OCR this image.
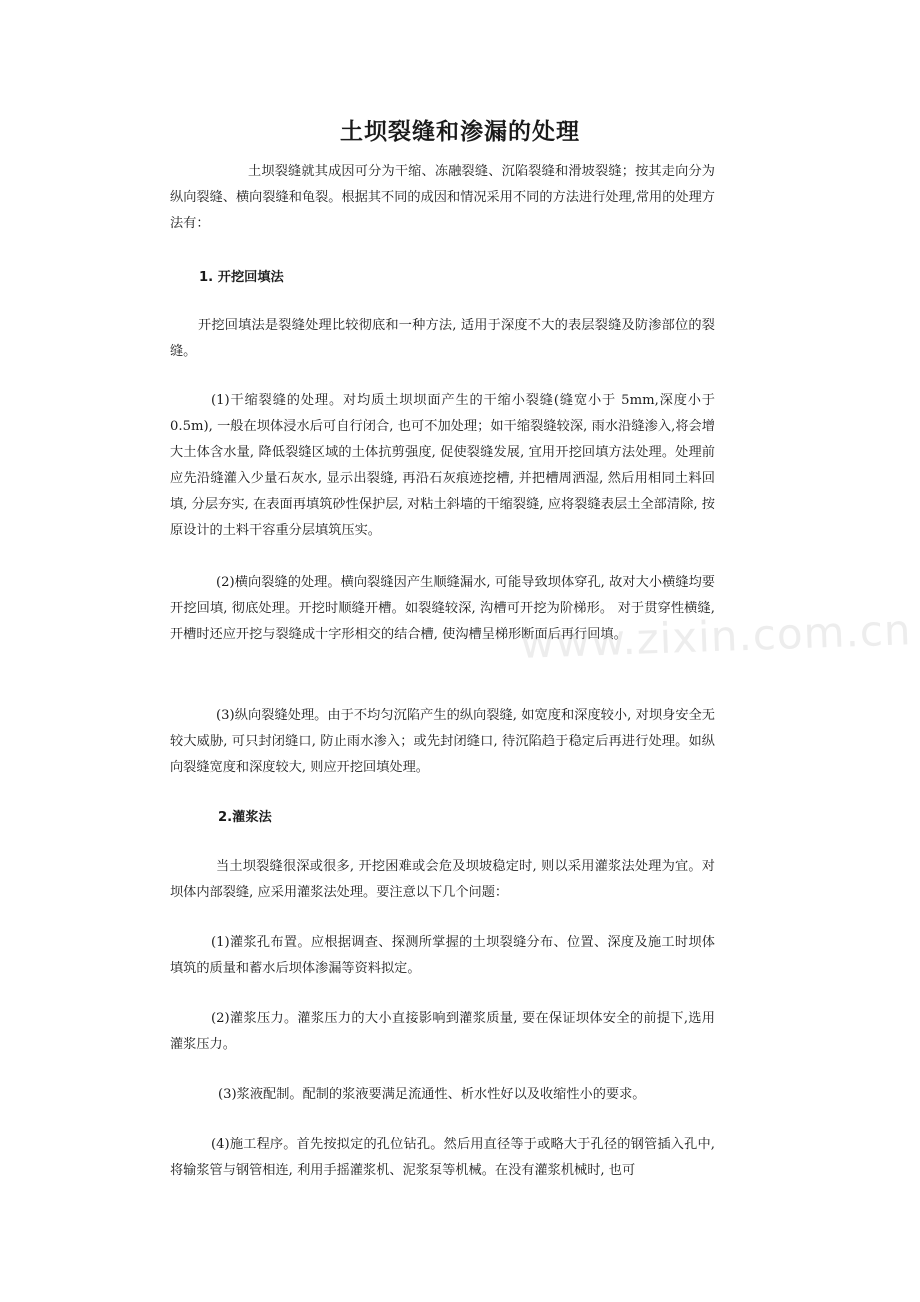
土坝裂缝和渗漏的处理

土坝裂缝就其成因可分为干缩、冻融裂缝、沉陷裂缝和滑坡裂缝；按其走向分为纵向裂缝、横向裂缝和龟裂。根据其不同的成因和情况采用不同的方法进行处理,常用的处理方法有：

1. 开挖回填法

开挖回填法是裂缝处理比较彻底和一种方法, 适用于深度不大的表层裂缝及防渗部位的裂缝。

(1)干缩裂缝的处理。对均质土坝坝面产生的干缩小裂缝(缝宽小于 5mm,深度小于 0.5m), 一般在坝体浸水后可自行闭合, 也可不加处理；如干缩裂缝较深, 雨水沿缝渗入,将会增大土体含水量, 降低裂缝区域的土体抗剪强度, 促使裂缝发展, 宜用开挖回填方法处理。处理前应先沿缝灌入少量石灰水, 显示出裂缝, 再沿石灰痕迹挖槽, 并把槽周洒湿, 然后用相同土料回填, 分层夯实, 在表面再填筑砂性保护层, 对粘土斜墙的干缩裂缝, 应将裂缝表层土全部清除, 按原设计的土料干容重分层填筑压实。

(2)横向裂缝的处理。横向裂缝因产生顺缝漏水, 可能导致坝体穿孔, 故对大小横缝均要开挖回填, 彻底处理。开挖时顺缝开槽。如裂缝较深, 沟槽可开挖为阶梯形。 对于贯穿性横缝, 开槽时还应开挖与裂缝成十字形相交的结合槽, 使沟槽呈梯形断面后再行回填。

(3)纵向裂缝处理。由于不均匀沉陷产生的纵向裂缝, 如宽度和深度较小, 对坝身安全无较大威胁, 可只封闭缝口, 防止雨水渗入；或先封闭缝口, 待沉陷趋于稳定后再进行处理。如纵向裂缝宽度和深度较大, 则应开挖回填处理。

2.灌浆法

当土坝裂缝很深或很多, 开挖困难或会危及坝坡稳定时, 则以采用灌浆法处理为宜。对坝体内部裂缝, 应采用灌浆法处理。要注意以下几个问题：

(1)灌浆孔布置。应根据调查、探测所掌握的土坝裂缝分布、位置、深度及施工时坝体填筑的质量和蓄水后坝体渗漏等资料拟定。

(2)灌浆压力。灌浆压力的大小直接影响到灌浆质量, 要在保证坝体安全的前提下,选用灌浆压力。

(3)浆液配制。配制的浆液要满足流通性、析水性好以及收缩性小的要求。

(4)施工程序。首先按拟定的孔位钻孔。然后用直径等于或略大于孔径的钢管插入孔中, 将输浆管与钢管相连, 利用手摇灌浆机、泥浆泵等机械。在没有灌浆机械时, 也可

www.zixin.com.cn
